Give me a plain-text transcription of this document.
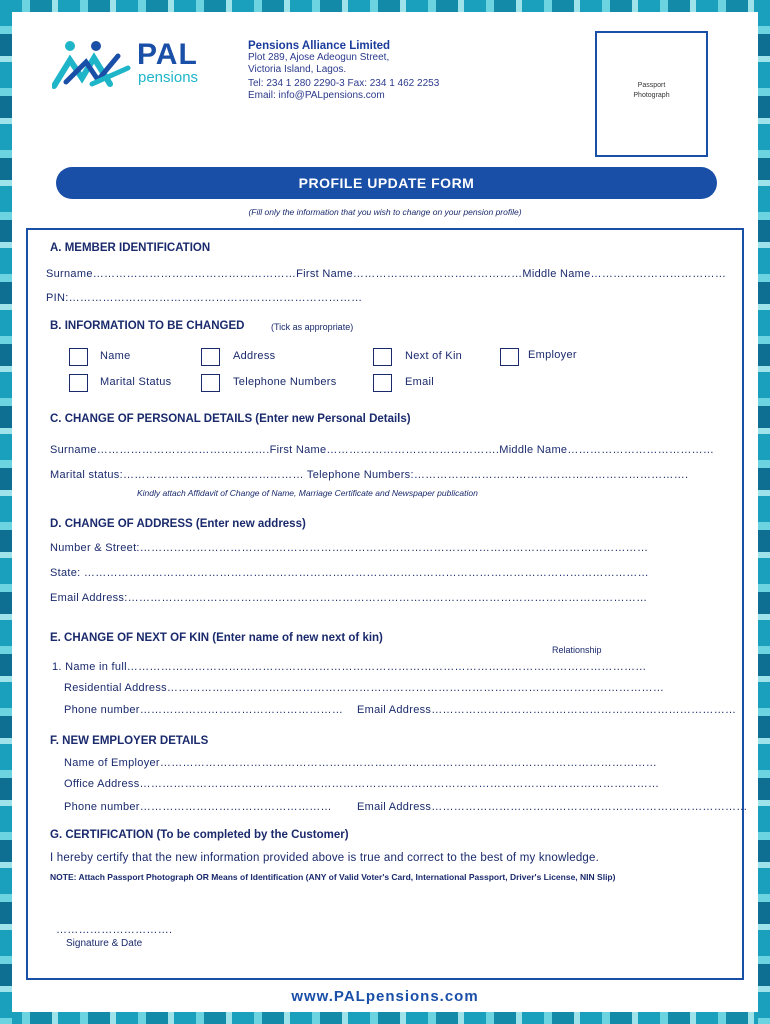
PAL
pensions
Pensions Alliance Limited
Plot 289, Ajose Adeogun Street,
Victoria Island, Lagos.
Tel: 234 1 280 2290-3 Fax: 234 1 462 2253
Email: info@PALpensions.com
Passport
Photograph
PROFILE UPDATE FORM
(Fill only the information that you wish to change on your pension profile)
A. MEMBER IDENTIFICATION
Surname………………………………………………First Name………………………………………Middle Name………………………………
PIN:……………………………………………………………………
B. INFORMATION TO BE CHANGED	(Tick as appropriate)
Name	Address	Next of Kin	Employer
Marital Status	Telephone Numbers	Email
C. CHANGE OF PERSONAL DETAILS (Enter new Personal Details)
Surname……………………………………….First Name……………………………………….Middle Name…………………………………
Marital status:………………………………………… Telephone Numbers:……………………………………………………………….
Kindly attach Affidavit of Change of Name, Marriage Certificate and Newspaper publication
D. CHANGE OF ADDRESS (Enter new address)
Number & Street:………………………………………………………………………………………………………………………
State: ……………………………………………………………………………………………………………………………………
Email Address:…………………………………………………………………………………………………………………………
E. CHANGE OF NEXT OF KIN (Enter name of new next of kin)
Relationship
1. Name in full…………………………………………………………………………………………………………………………
Residential Address……………………………………………………………………………………………………………………
Phone number……………………………………………… Email Address………………………………………………………………………
F. NEW EMPLOYER DETAILS
Name of Employer……………………………………………………………………………………………………………………
Office Address…………………………………………………………………………………………………………………………
Phone number…………………………………………… Email Address…………………………………………………………………………
G. CERTIFICATION (To be completed by the Customer)
I hereby certify that the new information provided above is true and correct to the best of my knowledge.
NOTE: Attach Passport Photograph OR Means of Identification (ANY of Valid Voter's Card, International Passport, Driver's License, NIN Slip)
………………………….
Signature & Date
www.PALpensions.com
